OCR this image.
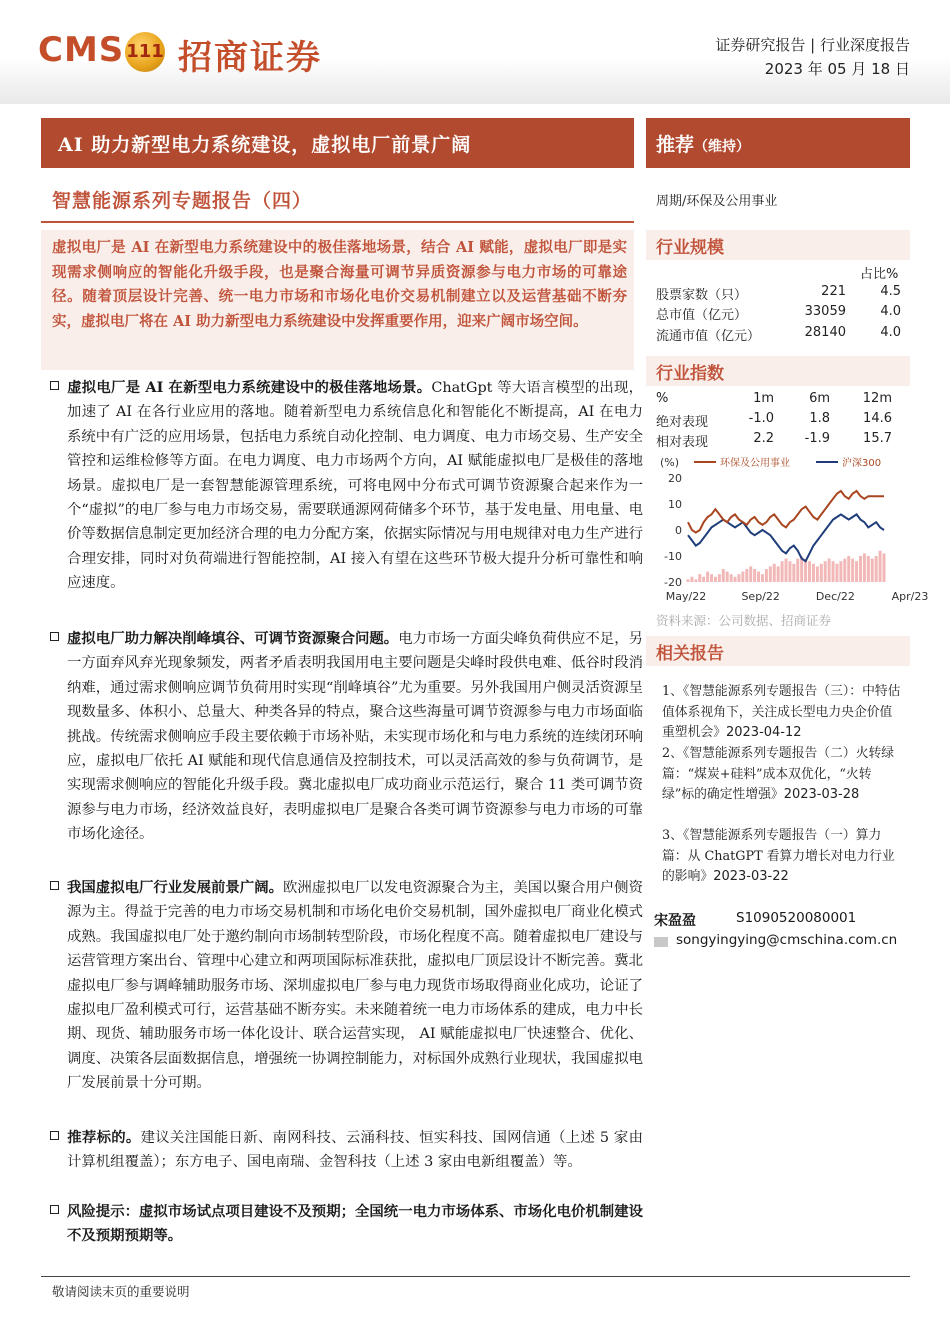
CMS 111 招商证券	证券研究报告 | 行业深度报告
2023 年 05 月 18 日
AI 助力新型电力系统建设，虚拟电厂前景广阔	推荐（维持）
智慧能源系列专题报告（四）	周期/环保及公用事业
虚拟电厂是 AI 在新型电力系统建设中的极佳落地场景，结合 AI 赋能，虚拟电厂即是实现需求侧响应的智能化升级手段，也是聚合海量可调节异质资源参与电力市场的可靠途径。随着顶层设计完善、统一电力市场和市场化电价交易机制建立以及运营基础不断夯实，虚拟电厂将在 AI 助力新型电力系统建设中发挥重要作用，迎来广阔市场空间。
虚拟电厂是 AI 在新型电力系统建设中的极佳落地场景。ChatGpt 等大语言模型的出现，加速了 AI 在各行业应用的落地。随着新型电力系统信息化和智能化不断提高，AI 在电力系统中有广泛的应用场景，包括电力系统自动化控制、电力调度、电力市场交易、生产安全管控和运维检修等方面。在电力调度、电力市场两个方向，AI 赋能虚拟电厂是极佳的落地场景。虚拟电厂是一套智慧能源管理系统，可将电网中分布式可调节资源聚合起来作为一个“虚拟”的电厂参与电力市场交易，需要联通源网荷储多个环节，基于发电量、用电量、电价等数据信息制定更加经济合理的电力分配方案，依据实际情况与用电规律对电力生产进行合理安排，同时对负荷端进行智能控制，AI 接入有望在这些环节极大提升分析可靠性和响应速度。
虚拟电厂助力解决削峰填谷、可调节资源聚合问题。电力市场一方面尖峰负荷供应不足，另一方面弃风弃光现象频发，两者矛盾表明我国用电主要问题是尖峰时段供电难、低谷时段消纳难，通过需求侧响应调节负荷用时实现“削峰填谷”尤为重要。另外我国用户侧灵活资源呈现数量多、体积小、总量大、种类各异的特点，聚合这些海量可调节资源参与电力市场面临挑战。传统需求侧响应手段主要依赖于市场补贴，未实现市场化和与电力系统的连续闭环响应，虚拟电厂依托 AI 赋能和现代信息通信及控制技术，可以灵活高效的参与负荷调节，是实现需求侧响应的智能化升级手段。冀北虚拟电厂成功商业示范运行，聚合 11 类可调节资源参与电力市场，经济效益良好，表明虚拟电厂是聚合各类可调节资源参与电力市场的可靠市场化途径。
我国虚拟电厂行业发展前景广阔。欧洲虚拟电厂以发电资源聚合为主，美国以聚合用户侧资源为主。得益于完善的电力市场交易机制和市场化电价交易机制，国外虚拟电厂商业化模式成熟。我国虚拟电厂处于邀约制向市场制转型阶段，市场化程度不高。随着虚拟电厂建设与运营管理方案出台、管理中心建立和两项国际标准获批，虚拟电厂顶层设计不断完善。冀北虚拟电厂参与调峰辅助服务市场、深圳虚拟电厂参与电力现货市场取得商业化成功，论证了虚拟电厂盈利模式可行，运营基础不断夯实。未来随着统一电力市场体系的建成，电力中长期、现货、辅助服务市场一体化设计、联合运营实现， AI 赋能虚拟电厂快速整合、优化、调度、决策各层面数据信息，增强统一协调控制能力，对标国外成熟行业现状，我国虚拟电厂发展前景十分可期。
推荐标的。建议关注国能日新、南网科技、云涌科技、恒实科技、国网信通（上述 5 家由计算机组覆盖）；东方电子、国电南瑞、金智科技（上述 3 家由电新组覆盖）等。
风险提示：虚拟市场试点项目建设不及预期；全国统一电力市场体系、市场化电价机制建设不及预期预期等。
行业规模
占比%
股票家数（只）	221	4.5
总市值（亿元）	33059	4.0
流通市值（亿元）	28140	4.0
行业指数
%	1m	6m	12m
绝对表现	-1.0	1.8	14.6
相对表现	2.2	-1.9	15.7
(%)	环保及公用事业	沪深300
20
10
0
-10
-20
May/22	Sep/22	Dec/22	Apr/23
资料来源：公司数据、招商证券
相关报告
1、《智慧能源系列专题报告（三）：中特估值体系视角下，关注成长型电力央企价值重塑机会》2023-04-12
2、《智慧能源系列专题报告（二）火转绿篇：“煤炭+硅料”成本双优化，“火转绿”标的确定性增强》2023-03-28
3、《智慧能源系列专题报告（一）算力篇：从 ChatGPT 看算力增长对电力行业的影响》2023-03-22
宋盈盈	S1090520080001
songyingying@cmschina.com.cn
敬请阅读末页的重要说明
